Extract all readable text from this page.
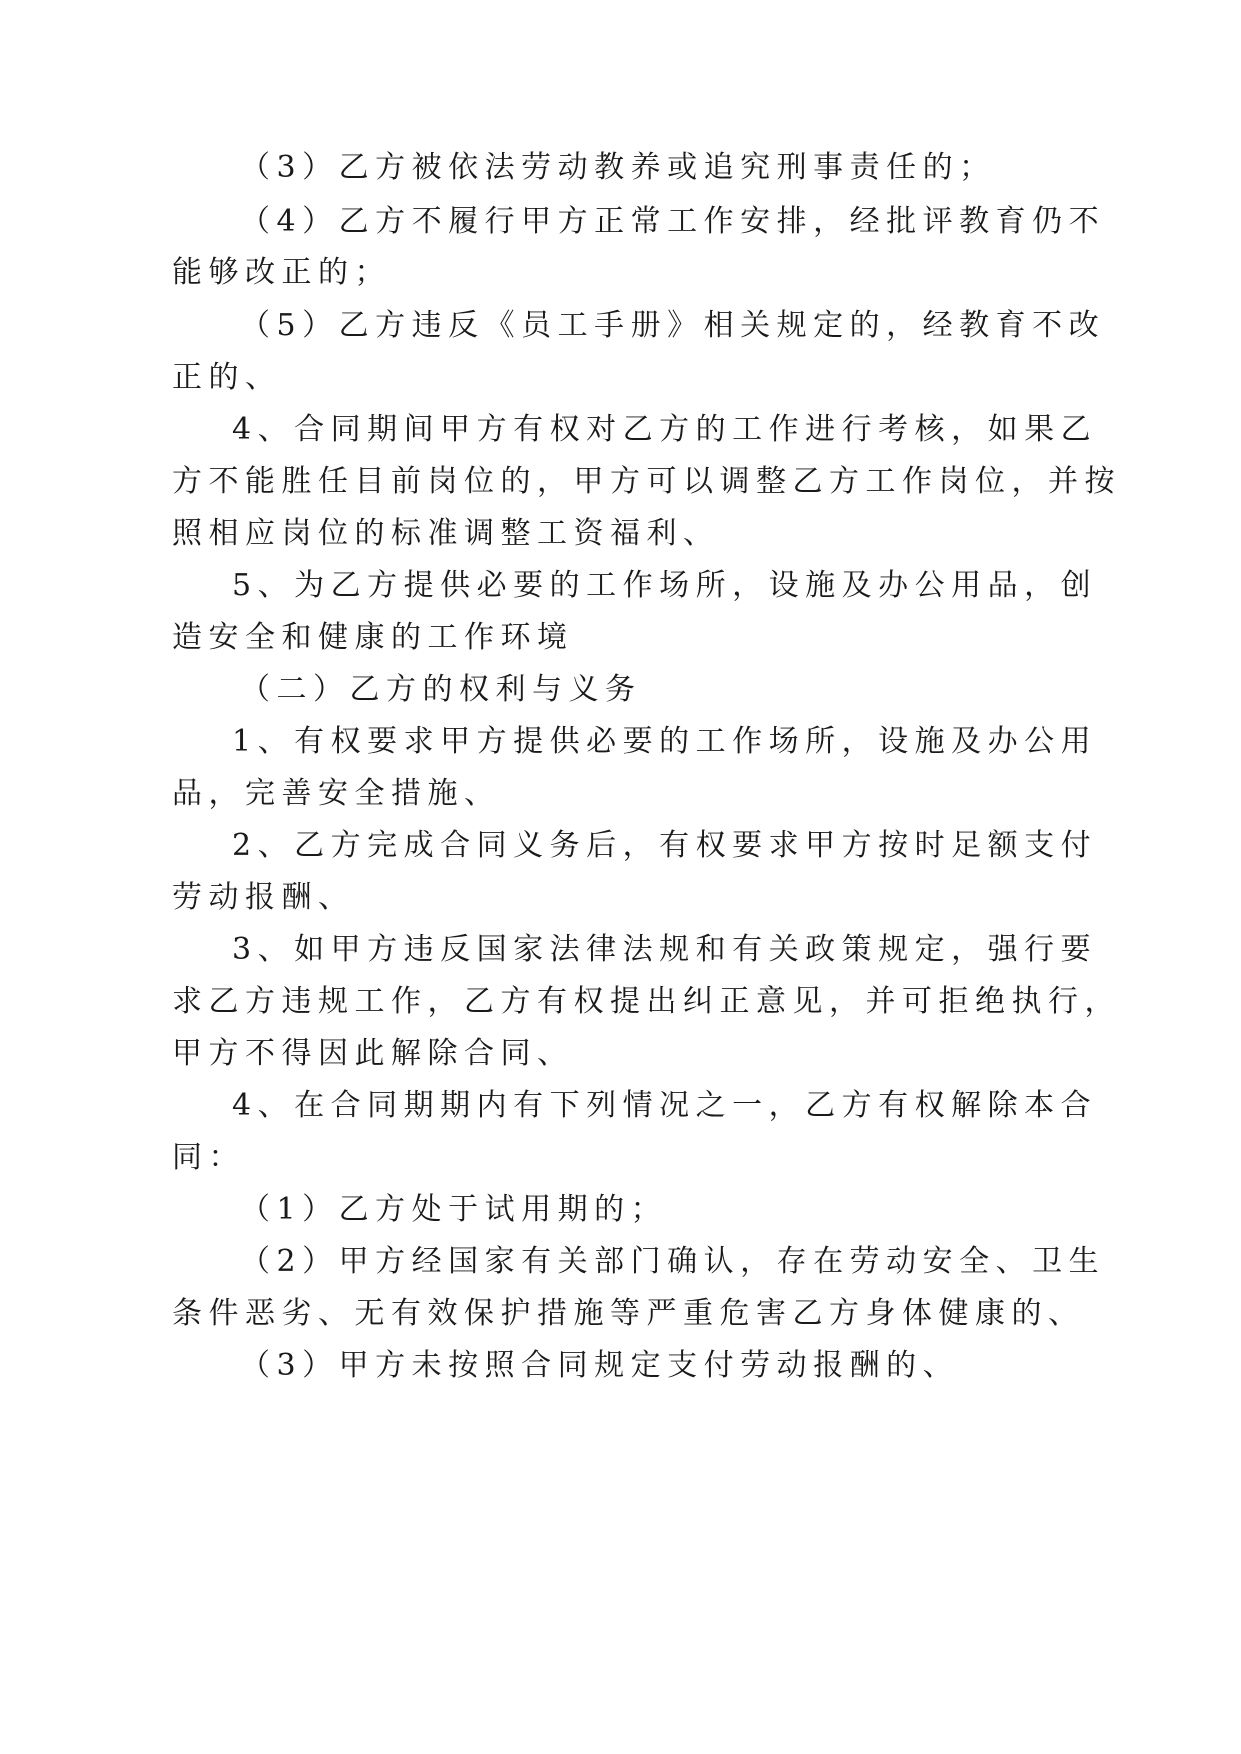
（3）乙方被依法劳动教养或追究刑事责任的；
（4）乙方不履行甲方正常工作安排，经批评教育仍不
能够改正的；
（5）乙方违反《员工手册》相关规定的，经教育不改
正的、
4、合同期间甲方有权对乙方的工作进行考核，如果乙
方不能胜任目前岗位的，甲方可以调整乙方工作岗位，并按
照相应岗位的标准调整工资福利、
5、为乙方提供必要的工作场所，设施及办公用品，创
造安全和健康的工作环境
（二）乙方的权利与义务
1、有权要求甲方提供必要的工作场所，设施及办公用
品，完善安全措施、
2、乙方完成合同义务后，有权要求甲方按时足额支付
劳动报酬、
3、如甲方违反国家法律法规和有关政策规定，强行要
求乙方违规工作，乙方有权提出纠正意见，并可拒绝执行，
甲方不得因此解除合同、
4、在合同期期内有下列情况之一，乙方有权解除本合
同：
（1）乙方处于试用期的；
（2）甲方经国家有关部门确认，存在劳动安全、卫生
条件恶劣、无有效保护措施等严重危害乙方身体健康的、
（3）甲方未按照合同规定支付劳动报酬的、
